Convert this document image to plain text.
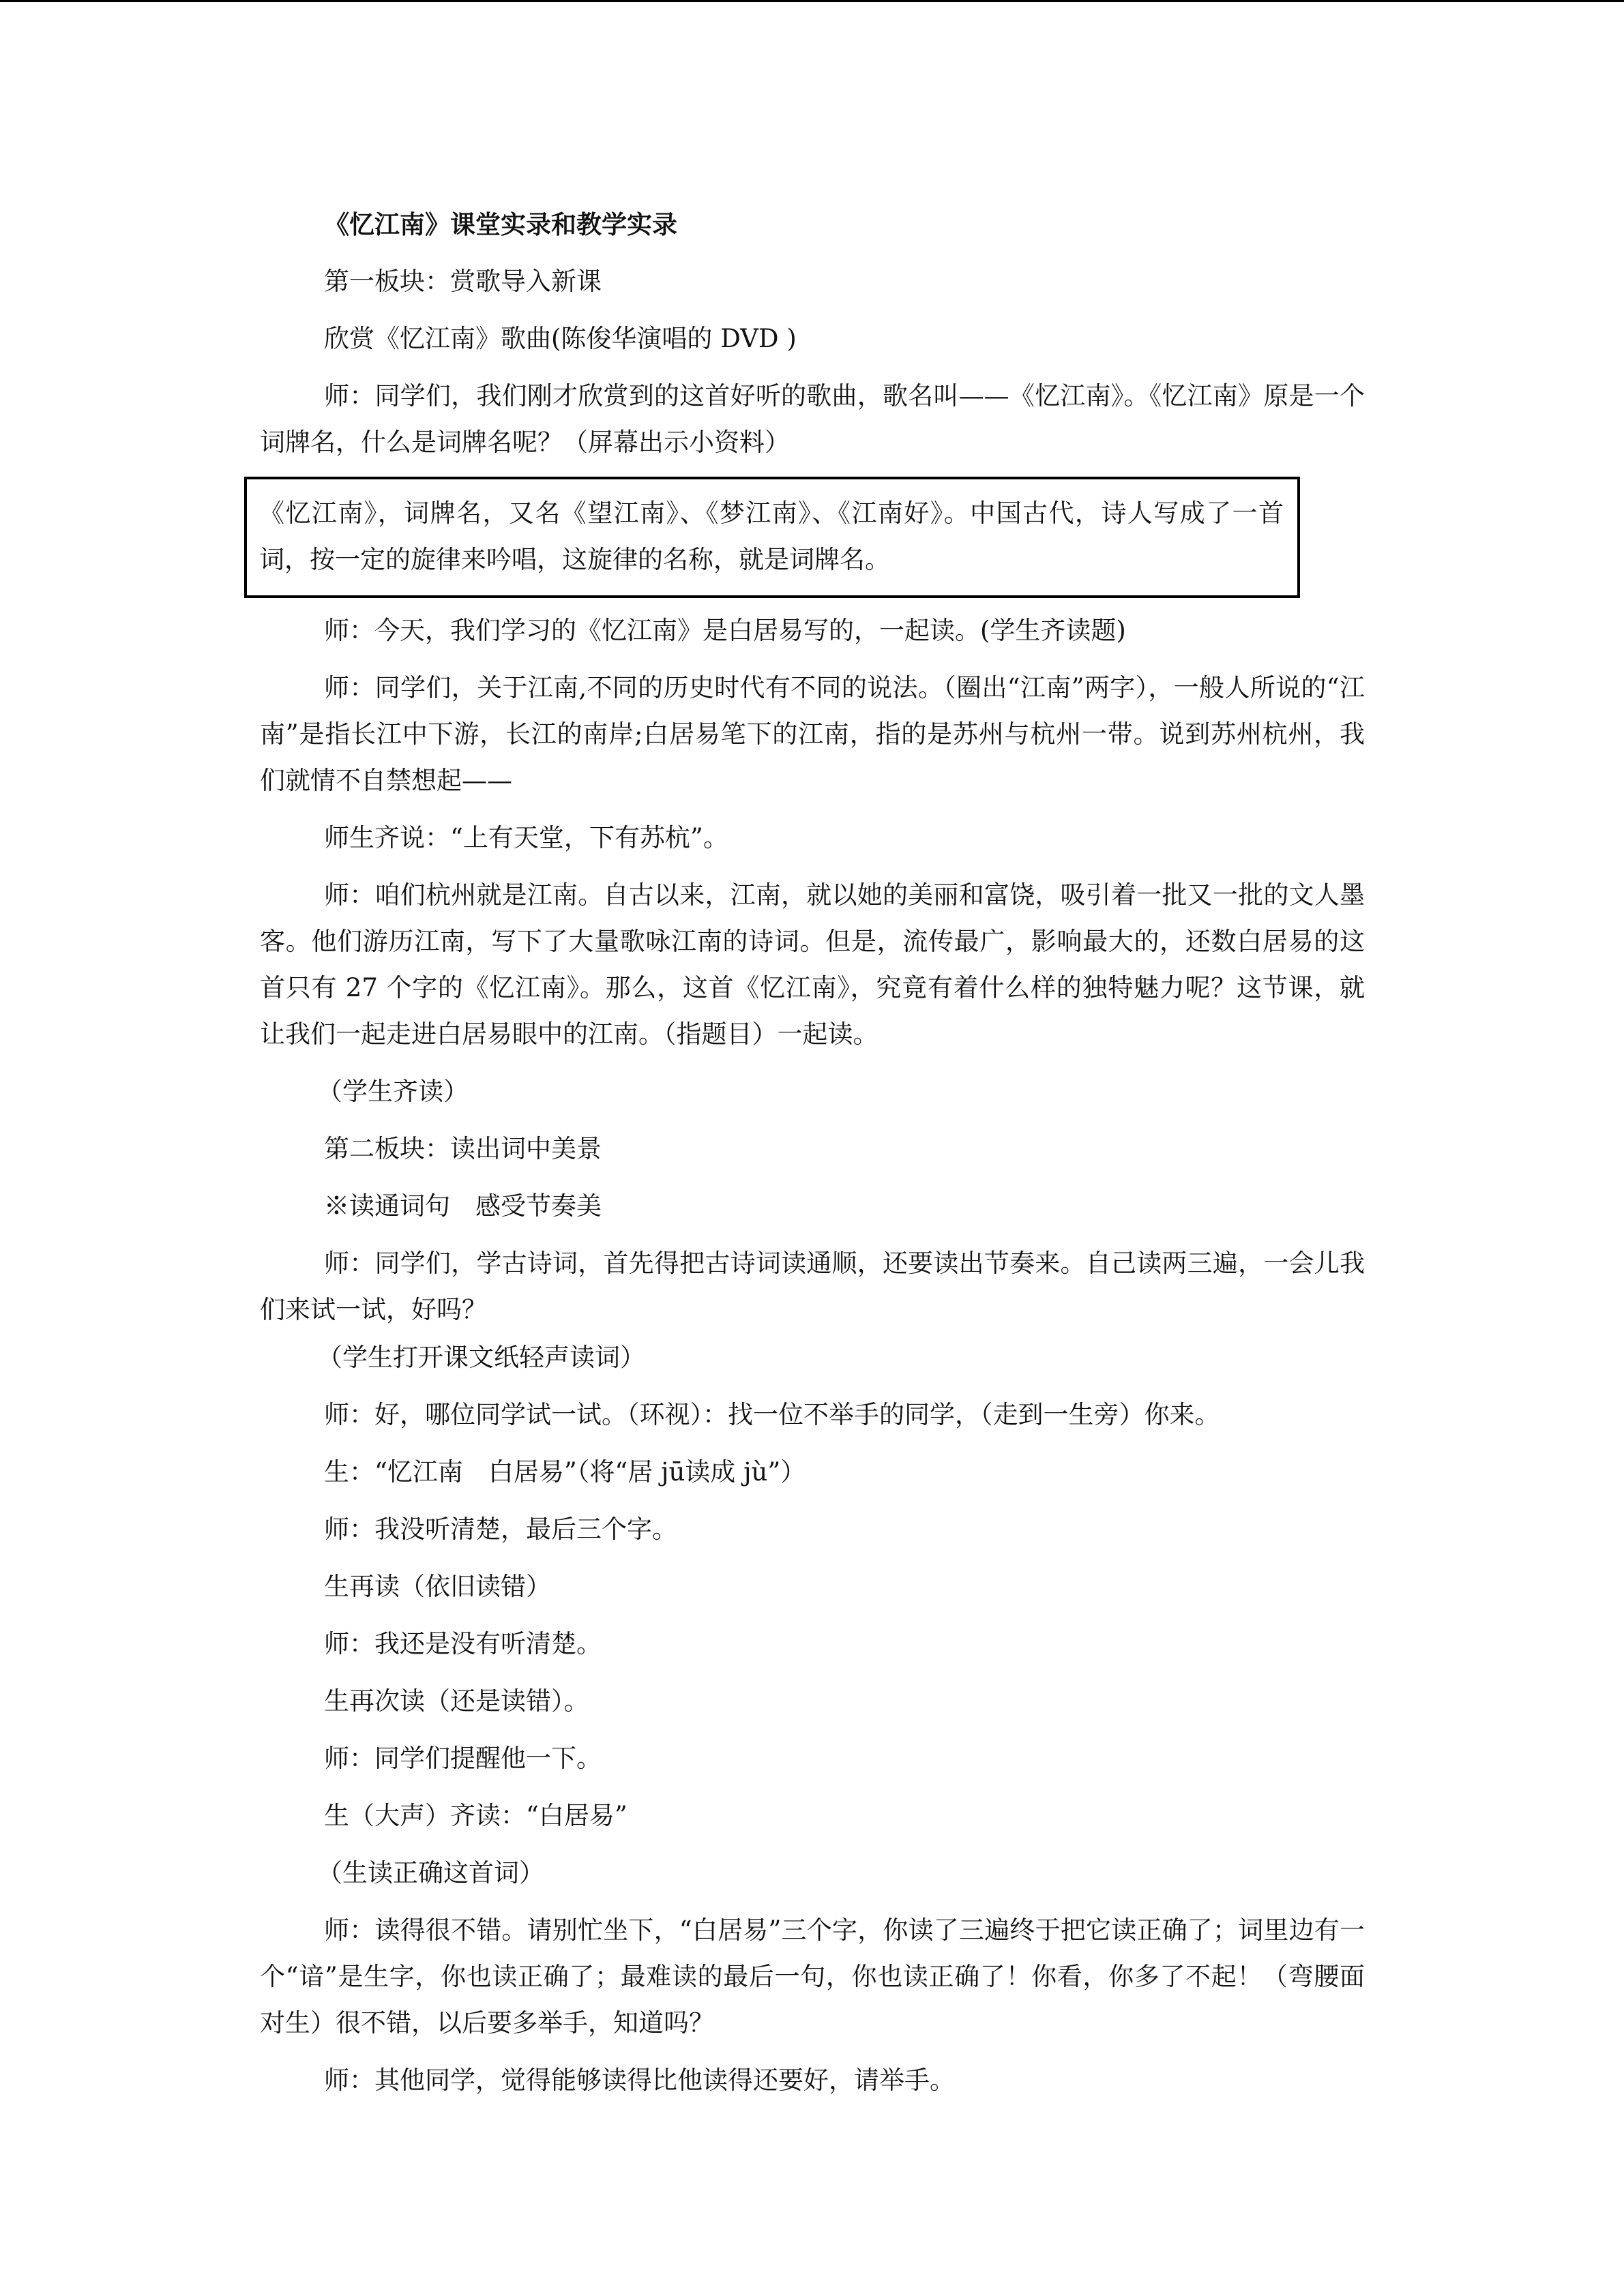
《忆江南》课堂实录和教学实录
第一板块：赏歌导入新课
欣赏《忆江南》歌曲(陈俊华演唱的 DVD )
师：同学们，我们刚才欣赏到的这首好听的歌曲，歌名叫——《忆江南》。《忆江南》原是一个词牌名，什么是词牌名呢？（屏幕出示小资料）
《忆江南》，词牌名，又名《望江南》、《梦江南》、《江南好》。中国古代，诗人写成了一首词，按一定的旋律来吟唱，这旋律的名称，就是词牌名。
师：今天，我们学习的《忆江南》是白居易写的，一起读。(学生齐读题)
师：同学们，关于江南,不同的历史时代有不同的说法。（圈出“江南”两字），一般人所说的“江南”是指长江中下游，长江的南岸;白居易笔下的江南，指的是苏州与杭州一带。说到苏州杭州，我们就情不自禁想起——
师生齐说：“上有天堂，下有苏杭”。
师：咱们杭州就是江南。自古以来，江南，就以她的美丽和富饶，吸引着一批又一批的文人墨客。他们游历江南，写下了大量歌咏江南的诗词。但是，流传最广，影响最大的，还数白居易的这首只有 27 个字的《忆江南》。那么，这首《忆江南》，究竟有着什么样的独特魅力呢？这节课，就让我们一起走进白居易眼中的江南。（指题目）一起读。
（学生齐读）
第二板块：读出词中美景
※读通词句　感受节奏美
师：同学们，学古诗词，首先得把古诗词读通顺，还要读出节奏来。自己读两三遍，一会儿我们来试一试，好吗？
（学生打开课文纸轻声读词）
师：好，哪位同学试一试。（环视）：找一位不举手的同学，（走到一生旁）你来。
生：“忆江南　白居易”（将“居 jū读成 jù”）
师：我没听清楚，最后三个字。
生再读（依旧读错）
师：我还是没有听清楚。
生再次读（还是读错）。
师：同学们提醒他一下。
生（大声）齐读：“白居易”
（生读正确这首词）
师：读得很不错。请别忙坐下，“白居易”三个字，你读了三遍终于把它读正确了；词里边有一个“谙”是生字，你也读正确了；最难读的最后一句，你也读正确了！你看，你多了不起！（弯腰面对生）很不错，以后要多举手，知道吗？
师：其他同学，觉得能够读得比他读得还要好，请举手。
